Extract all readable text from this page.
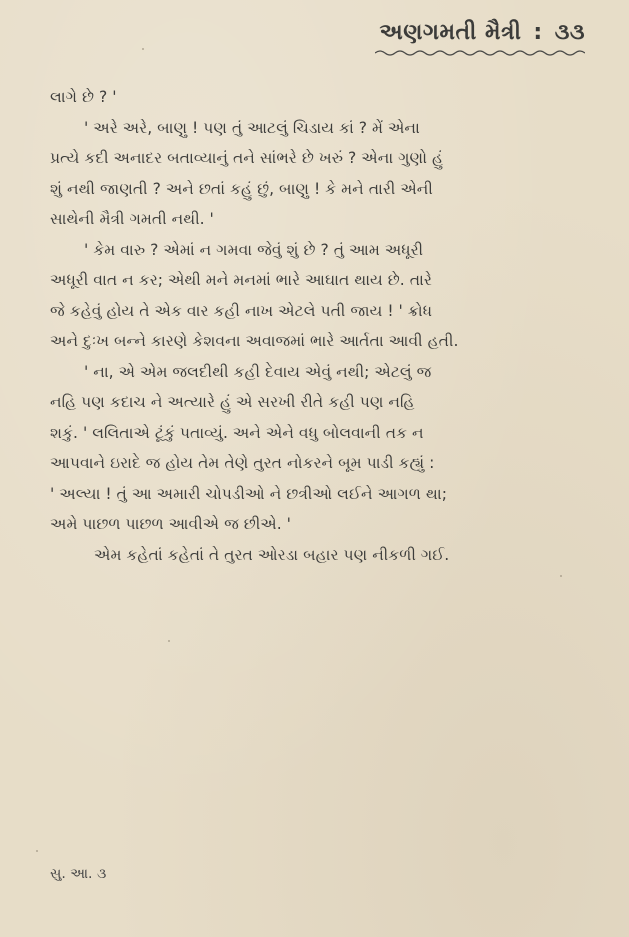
અણગમતી મૈત્રી : ૩૩

લાગે છે ? '

' અરે અરે, બાણુ ! પણ તું આટલું ચિડાય કાં ? મેં એના

પ્રત્યે કદી અનાદર બતાવ્યાનું તને સાંભરે છે ખરું ? એના ગુણો હું

શું નથી જાણતી ? અને છતાં કહું છું, બાણુ ! કે મને તારી એની

સાથેની મૈત્રી ગમતી નથી. '

' કેમ વારુ ? એમાં ન ગમવા જેવું શું છે ? તું આમ અધૂરી

અધૂરી વાત ન કર; એથી મને મનમાં ભારે આઘાત થાય છે. તારે

જે કહેવું હોય તે એક વાર કહી નાખ એટલે પતી જાય ! ' ક્રોધ

અને દુઃખ બન્ને કારણે કેશવના અવાજમાં ભારે આર્તતા આવી હતી.

' ના, એ એમ જલદીથી કહી દેવાય એવું નથી; એટલું જ

નહિ પણ કદાચ ને અત્યારે હું એ સરખી રીતે કહી પણ નહિ

શકું. ' લલિતાએ ટૂંકું પતાવ્યું. અને એને વધુ બોલવાની તક ન

આપવાને ઇરાદે જ હોય તેમ તેણે તુરત નોકરને બૂમ પાડી કહ્યું :

' અલ્યા ! તું આ અમારી ચોપડીઓ ને છત્રીઓ લઈને આગળ થા;

અમે પાછળ પાછળ આવીએ જ છીએ. '

એમ કહેતાં કહેતાં તે તુરત ઓરડા બહાર પણ નીકળી ગઈ.

સુ. આ. ૩
